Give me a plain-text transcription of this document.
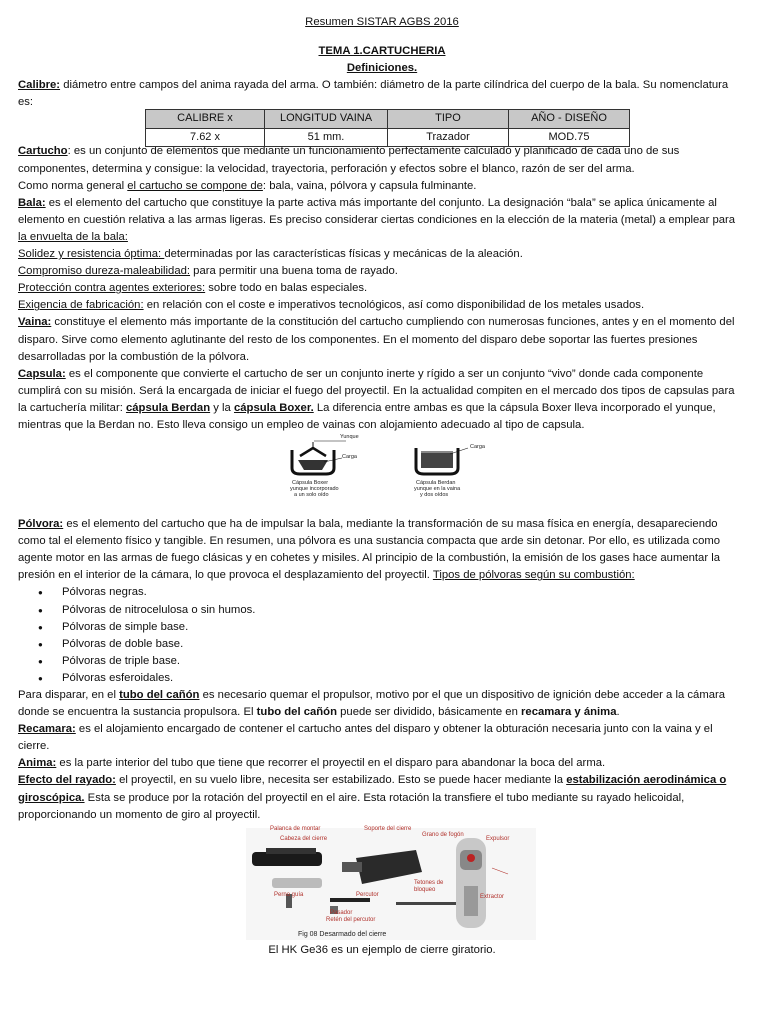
Resumen SISTAR AGBS 2016

TEMA 1.CARTUCHERIA

Definiciones.

Calibre: diámetro entre campos del anima rayada del arma. O también: diámetro de la parte cilíndrica del cuerpo de la bala. Su nomenclatura es:

CALIBRE x	LONGITUD VAINA	TIPO	AÑO - DISEÑO
7.62 x	51 mm.	Trazador	MOD.75

Cartucho: es un conjunto de elementos que mediante un funcionamiento perfectamente calculado y planificado de cada uno de sus componentes, determina y consigue: la velocidad, trayectoria, perforación y efectos sobre el blanco, razón de ser del arma.

Como norma general el cartucho se compone de: bala, vaina, pólvora y capsula fulminante.

Bala: es el elemento del cartucho que constituye la parte activa más importante del conjunto. La designación “bala” se aplica únicamente al elemento en cuestión relativa a las armas ligeras. Es preciso considerar ciertas condiciones en la elección de la materia (metal) a emplear para la envuelta de la bala:

Solidez y resistencia óptima: determinadas por las características físicas y mecánicas de la aleación.

Compromiso dureza-maleabilidad: para permitir una buena toma de rayado.

Protección contra agentes exteriores: sobre todo en balas especiales.

Exigencia de fabricación: en relación con el coste e imperativos tecnológicos, así como disponibilidad de los metales usados.

Vaina: constituye el elemento más importante de la constitución del cartucho cumpliendo con numerosas funciones, antes y en el momento del disparo. Sirve como elemento aglutinante del resto de los componentes. En el momento del disparo debe soportar las fuertes presiones desarrolladas por la combustión de la pólvora.

Capsula: es el componente que convierte el cartucho de ser un conjunto inerte y rígido a ser un conjunto “vivo” donde cada componente cumplirá con su misión. Será la encargada de iniciar el fuego del proyectil. En la actualidad compiten en el mercado dos tipos de capsulas para la cartuchería militar: cápsula Berdan y la cápsula Boxer. La diferencia entre ambas es que la cápsula Boxer lleva incorporado el yunque, mientras que la Berdan no. Esto lleva consigo un empleo de vainas con alojamiento adecuado al tipo de capsula.

Yunque
Carga
Cápsula Boxer
yunque incorporado
a un solo oído
Carga
Cápsula Berdan
yunque en la vaina
y dos oídos

Pólvora: es el elemento del cartucho que ha de impulsar la bala, mediante la transformación de su masa física en energía, desapareciendo como tal el elemento físico y tangible. En resumen, una pólvora es una sustancia compacta que arde sin detonar. Por ello, es utilizada como agente motor en las armas de fuego clásicas y en cohetes y misiles. Al principio de la combustión, la emisión de los gases hace aumentar la presión en el interior de la cámara, lo que provoca el desplazamiento del proyectil. Tipos de pólvoras según su combustión:

● Pólvoras negras.
● Pólvoras de nitrocelulosa o sin humos.
● Pólvoras de simple base.
● Pólvoras de doble base.
● Pólvoras de triple base.
● Pólvoras esferoidales.

Para disparar, en el tubo del cañón es necesario quemar el propulsor, motivo por el que un dispositivo de ignición debe acceder a la cámara donde se encuentra la sustancia propulsora. El tubo del cañón puede ser dividido, básicamente en recamara y ánima.

Recamara: es el alojamiento encargado de contener el cartucho antes del disparo y obtener la obturación necesaria junto con la vaina y el cierre.

Anima: es la parte interior del tubo que tiene que recorrer el proyectil en el disparo para abandonar la boca del arma.

Efecto del rayado: el proyectil, en su vuelo libre, necesita ser estabilizado. Esto se puede hacer mediante la estabilización aerodinámica o giroscópica. Esta se produce por la rotación del proyectil en el aire. Esta rotación la transfiere el tubo mediante su rayado helicoidal, proporcionando un momento de giro al proyectil.

Palanca de montar
Cabeza del cierre
Soporte del cierre
Perno guía	Percutor
Pasador
Retén del percutor
Grano de fogón
Expulsor
Tetones de bloqueo
Extractor
Fig 08 Desarmado del cierre

El HK Ge36 es un ejemplo de cierre giratorio.
